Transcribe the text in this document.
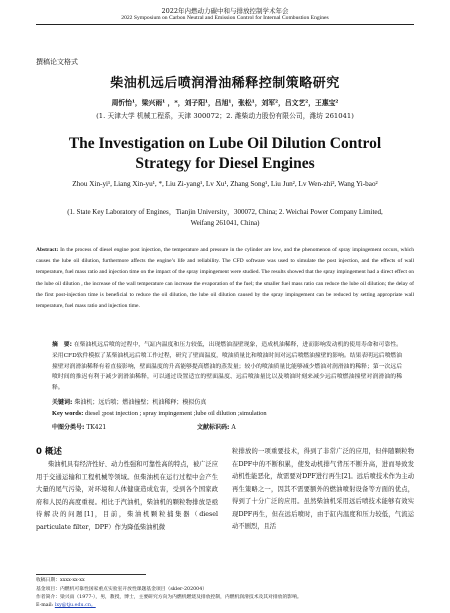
2022年内燃动力碳中和与排放控制学术年会
2022 Symposium on Carbon Neutral and Emission Control for Internal Combustion Engines
撰稿论文格式
柴油机远后喷润滑油稀释控制策略研究
周忻怡¹，梁兴雨¹ ，*，刘子阳¹，吕旭¹，张松¹，刘军²，吕文艺²，王惠宝²
(1. 天津大学 机械工程系，天津 300072；2. 潍柴动力股份有限公司，潍坊 261041)
The Investigation on Lube Oil Dilution Control Strategy for Diesel Engines
Zhou Xin-yi¹, Liang Xin-yu¹, *, Liu Zi-yang¹, Lv Xu¹, Zhang Song¹, Liu Jun², Lv Wen-zhi², Wang Yi-bao²
(1. State Key Laboratory of Engines，Tianjin University，300072, China; 2. Weichai Power Company Limited, Weifang 261041, China)
Abstract: In the process of diesel engine post injection, the temperature and pressure in the cylinder are low, and the phenomenon of spray impingement occurs, which causes the lube oil dilution, furthermore affects the engine’s life and reliability. The CFD software was used to simulate the post injection, and the effects of wall temperature, fuel mass ratio and injection time on the impact of the spray impingement were studied. The results showed that the spray impingement had a direct effect on the lube oil dilution , the increase of the wall temperature can increase the evaporation of the fuel; the smaller fuel mass ratio can reduce the lube oil dilution; the delay of the first post-injection time is beneficial to reduce the oil dilution, the lube oil dilution caused by the spray impingement can be reduced by setting appropriate wall temperature, fuel mass ratio and injection time.
摘　要: 在柴油机远后喷的过程中，气缸内温度和压力较低，出现燃油湿壁现象，造成机油稀释，进而影响发动机的使用寿命和可靠性。采用CFD软件模拟了某柴油机远后喷工作过程，研究了壁面温度，喷油质量比和喷油时间对远后喷燃油撞壁的影响。结果表明远后喷燃油撞壁对润滑油稀释有着直接影响，壁面温度的升高能够提高燃油的蒸发量；较小的喷油质量比能够减少燃油对润滑油的稀释；第一次远后喷时间的推迟有利于减少润滑油稀释，可以通过设置适宜的壁面温度、远后喷油量比以及喷油时刻来减少远后喷燃油撞壁对润滑油的稀释。
关键词: 柴油机；远后喷；燃油撞壁；机油稀释；模拟仿真
Key words: diesel ;post injection ; spray impingement ;lube oil dilution ;simulation
中图分类号: TK421	文献标识码: A
0 概述
柴油机具有经济性好、动力性强和可靠性高的特点，被广泛应用于交通运输和工程机械等领域。但柴油机在运行过程中会产生大量的尾气污染，对环境和人体健康造成危害，受到各个国家政府和人民的高度重视。相比于汽油机，柴油机的颗粒物排放是亟待解决的问题[1]，目前，柴油机颗粒捕集器（diesel particulate filter，DPF）作为降低柴油机微
粒排放的一项重要技术，得到了非常广泛的应用，但伴随颗粒物在DPF中的不断积累，使发动机排气背压不断升高，进而导致发动机性能恶化，故需要对DPF进行再生[2]。远后喷技术作为主动再生策略之一，因其不需要额外的燃油喷射设备等方面的优点，得到了十分广泛的应用。虽然柴油机采用远后喷技术能够有效实现DPF再生，但在远后喷时，由于缸内温度和压力较低，气流运动不剧烈，且活
收稿日期：xxxx-xx-xx
基金项目：内燃机可靠性国家重点实验室开放性课题基金项目（skler-202004）
作者简介：梁兴雨（1977-），男，教授，博士，主要研究方向为内燃机燃烧及排放控制，内燃机润滑技术及其对排放的影响。
E-mail: lxy@tju.edu.cn。
